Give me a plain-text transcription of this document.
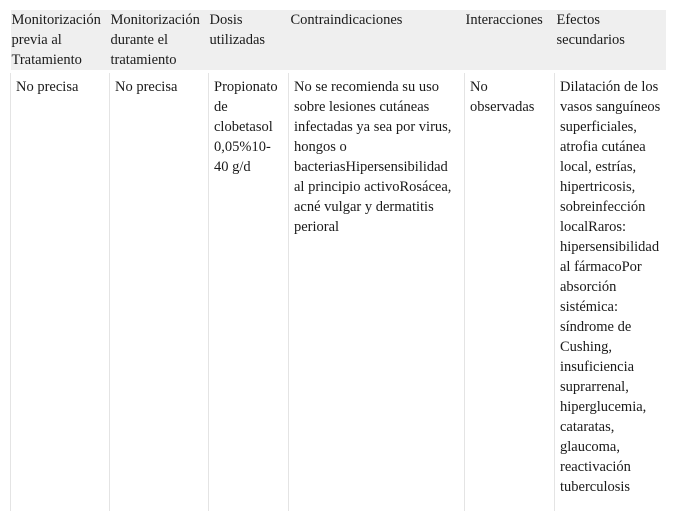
Monitorización previa al Tratamiento	Monitorización durante el tratamiento	Dosis utilizadas	Contraindicaciones	Interacciones	Efectos secundarios

No precisa	No precisa	Propionato de clobetasol 0,05%10-40 g/d	No se recomienda su uso sobre lesiones cutáneas infectadas ya sea por virus, hongos o bacteriasHipersensibilidad al principio activoRosácea, acné vulgar y dermatitis perioral	No observadas	Dilatación de los vasos sanguíneos superficiales, atrofia cutánea local, estrías, hipertricosis, sobreinfección localRaros: hipersensibilidad al fármacoPor absorción sistémica: síndrome de Cushing, insuficiencia suprarrenal, hiperglucemia, cataratas, glaucoma, reactivación tuberculosis
